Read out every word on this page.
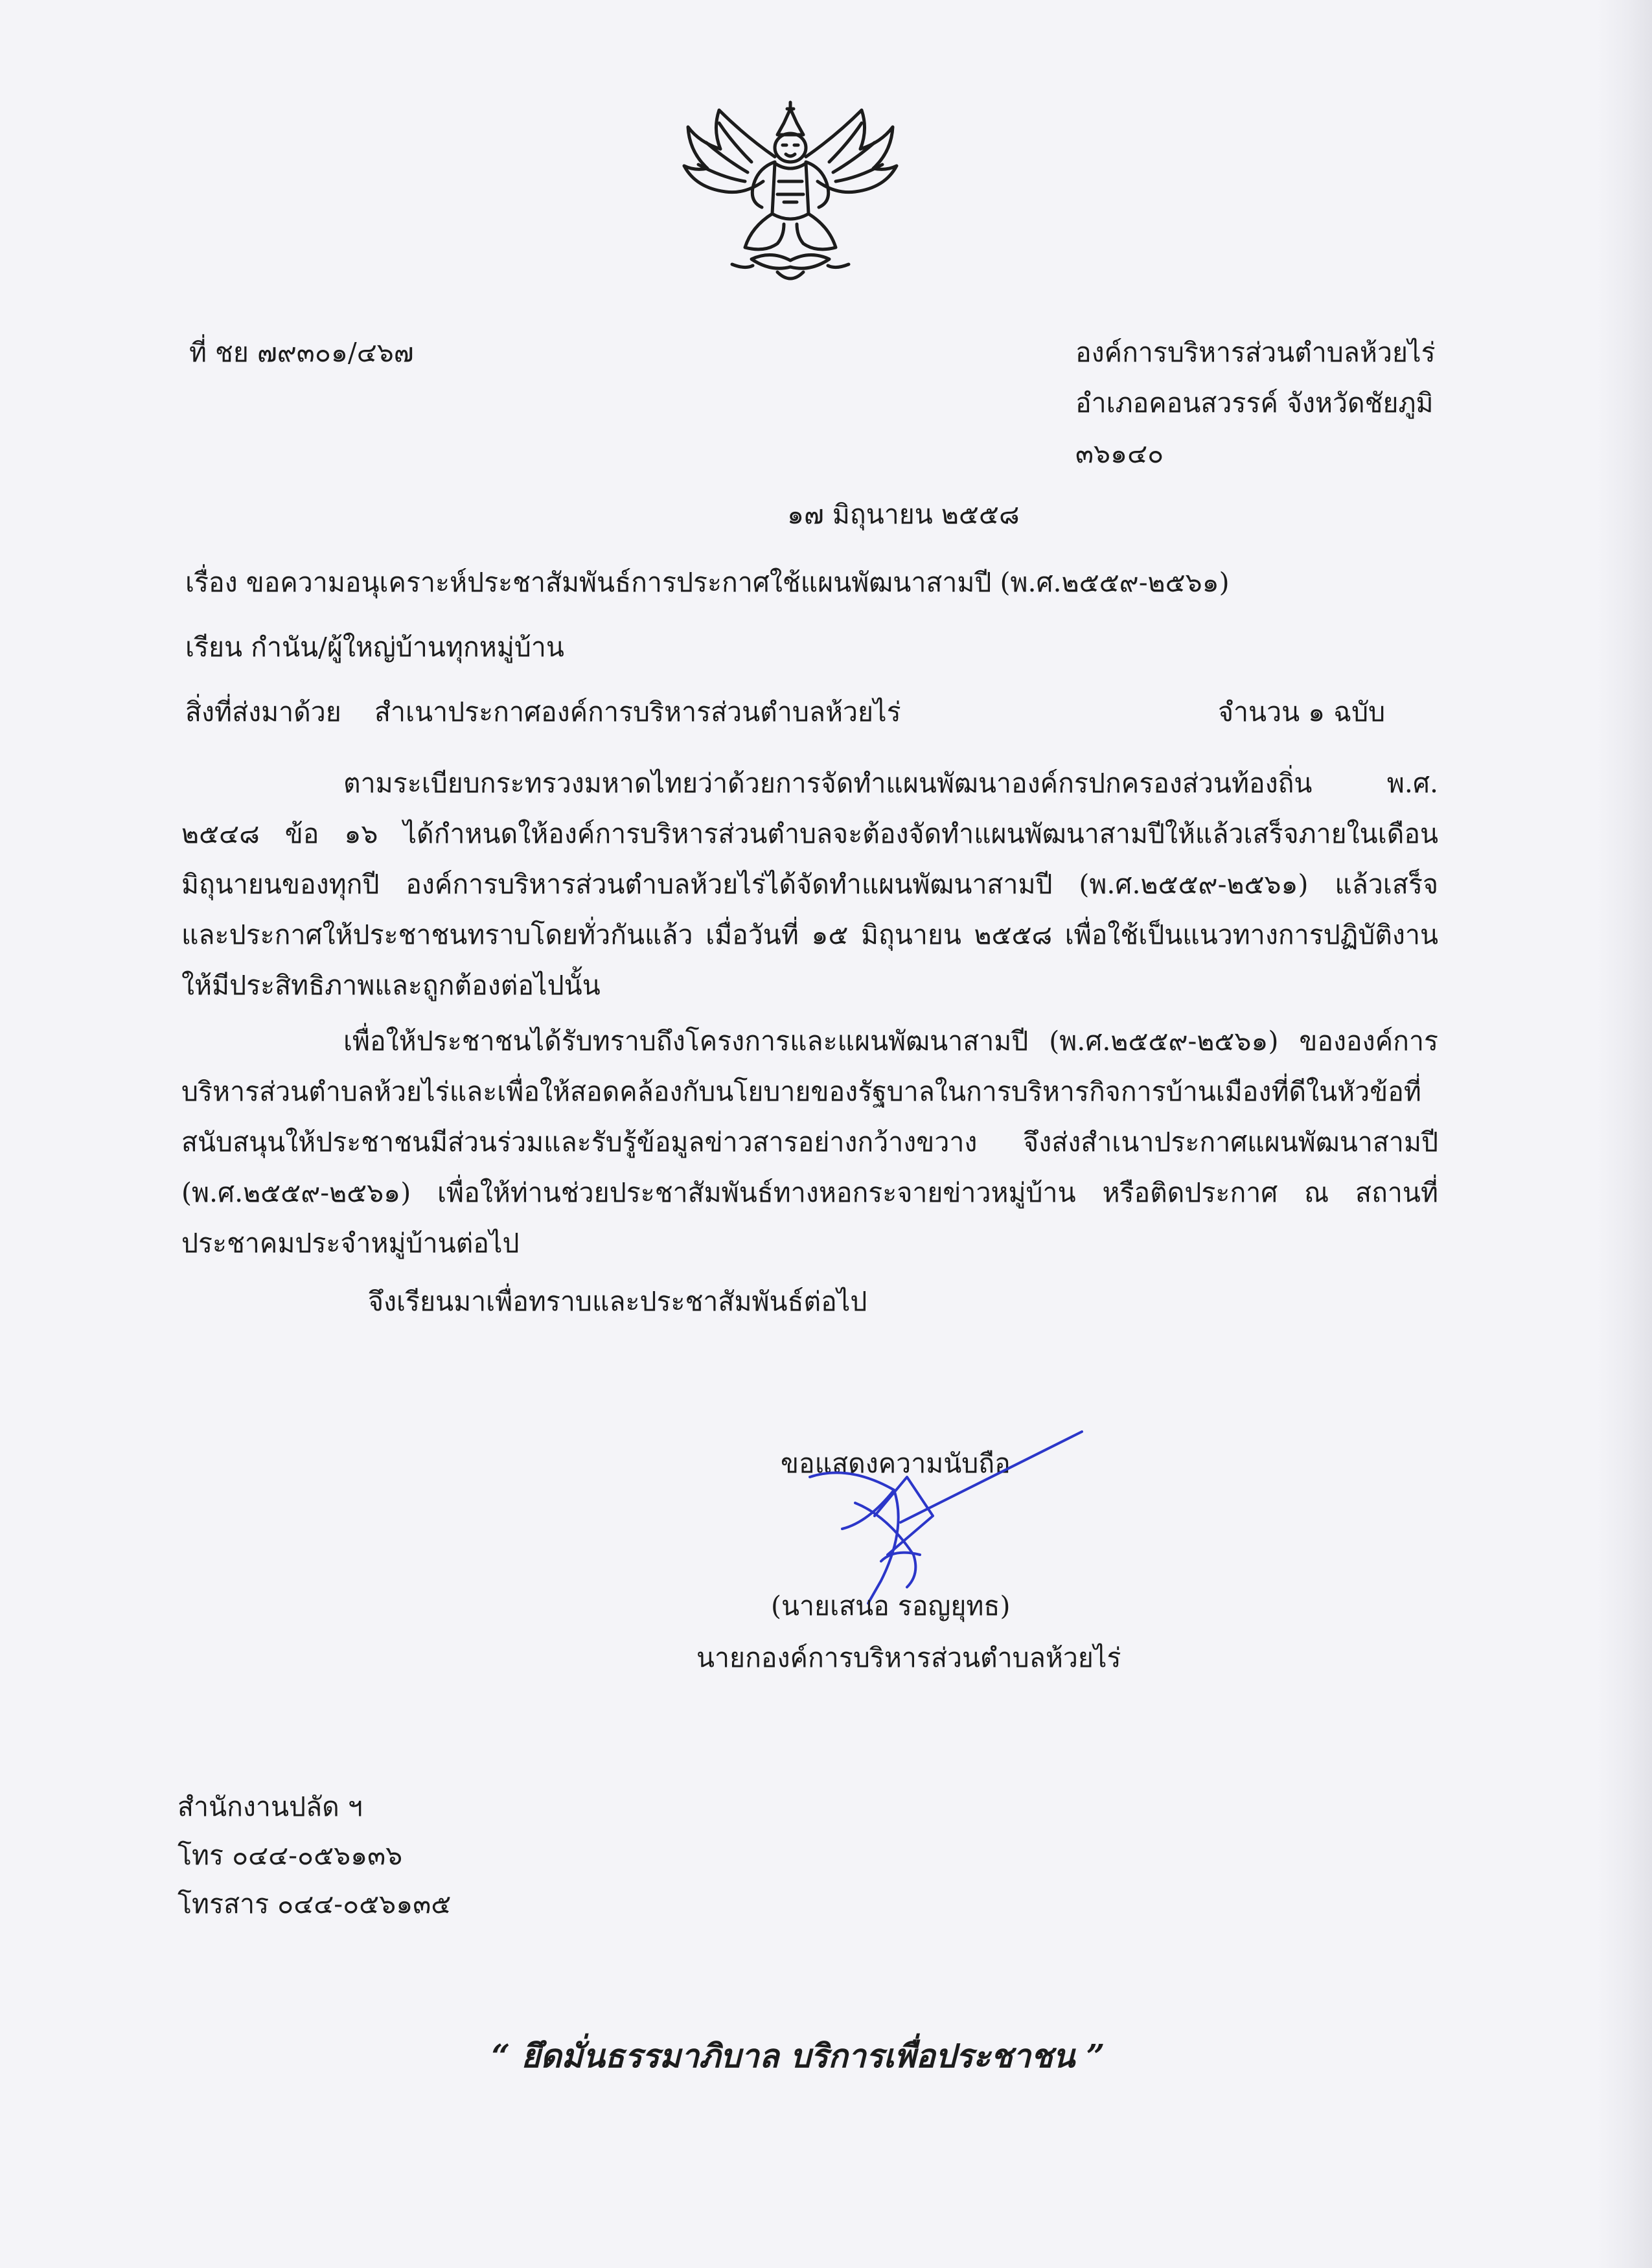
ที่ ชย ๗๙๓๐๑/๔๖๗	องค์การบริหารส่วนตำบลห้วยไร่
อำเภอคอนสวรรค์ จังหวัดชัยภูมิ
๓๖๑๔๐
๑๗ มิถุนายน ๒๕๕๘
เรื่อง ขอความอนุเคราะห์ประชาสัมพันธ์การประกาศใช้แผนพัฒนาสามปี (พ.ศ.๒๕๕๙-๒๕๖๑)
เรียน กำนัน/ผู้ใหญ่บ้านทุกหมู่บ้าน
สิ่งที่ส่งมาด้วย สำเนาประกาศองค์การบริหารส่วนตำบลห้วยไร่	จำนวน ๑ ฉบับ
ตามระเบียบกระทรวงมหาดไทยว่าด้วยการจัดทำแผนพัฒนาองค์กรปกครองส่วนท้องถิ่น พ.ศ. ๒๕๔๘ ข้อ ๑๖ ได้กำหนดให้องค์การบริหารส่วนตำบลจะต้องจัดทำแผนพัฒนาสามปีให้แล้วเสร็จภายในเดือนมิถุนายนของทุกปี องค์การบริหารส่วนตำบลห้วยไร่ได้จัดทำแผนพัฒนาสามปี (พ.ศ.๒๕๕๙-๒๕๖๑) แล้วเสร็จ และประกาศให้ประชาชนทราบโดยทั่วกันแล้ว เมื่อวันที่ ๑๕ มิถุนายน ๒๕๕๘ เพื่อใช้เป็นแนวทางการปฏิบัติงานให้มีประสิทธิภาพและถูกต้องต่อไปนั้น
เพื่อให้ประชาชนได้รับทราบถึงโครงการและแผนพัฒนาสามปี (พ.ศ.๒๕๕๙-๒๕๖๑) ขององค์การบริหารส่วนตำบลห้วยไร่และเพื่อให้สอดคล้องกับนโยบายของรัฐบาลในการบริหารกิจการบ้านเมืองที่ดีในหัวข้อที่สนับสนุนให้ประชาชนมีส่วนร่วมและรับรู้ข้อมูลข่าวสารอย่างกว้างขวาง จึงส่งสำเนาประกาศแผนพัฒนาสามปี (พ.ศ.๒๕๕๙-๒๕๖๑) เพื่อให้ท่านช่วยประชาสัมพันธ์ทางหอกระจายข่าวหมู่บ้าน หรือติดประกาศ ณ สถานที่ประชาคมประจำหมู่บ้านต่อไป
จึงเรียนมาเพื่อทราบและประชาสัมพันธ์ต่อไป
ขอแสดงความนับถือ
(นายเสนอ รอญยุทธ)
นายกองค์การบริหารส่วนตำบลห้วยไร่
สำนักงานปลัด ฯ
โทร ๐๔๔-๐๕๖๑๓๖
โทรสาร ๐๔๔-๐๕๖๑๓๕
“ ยึดมั่นธรรมาภิบาล บริการเพื่อประชาชน ”
